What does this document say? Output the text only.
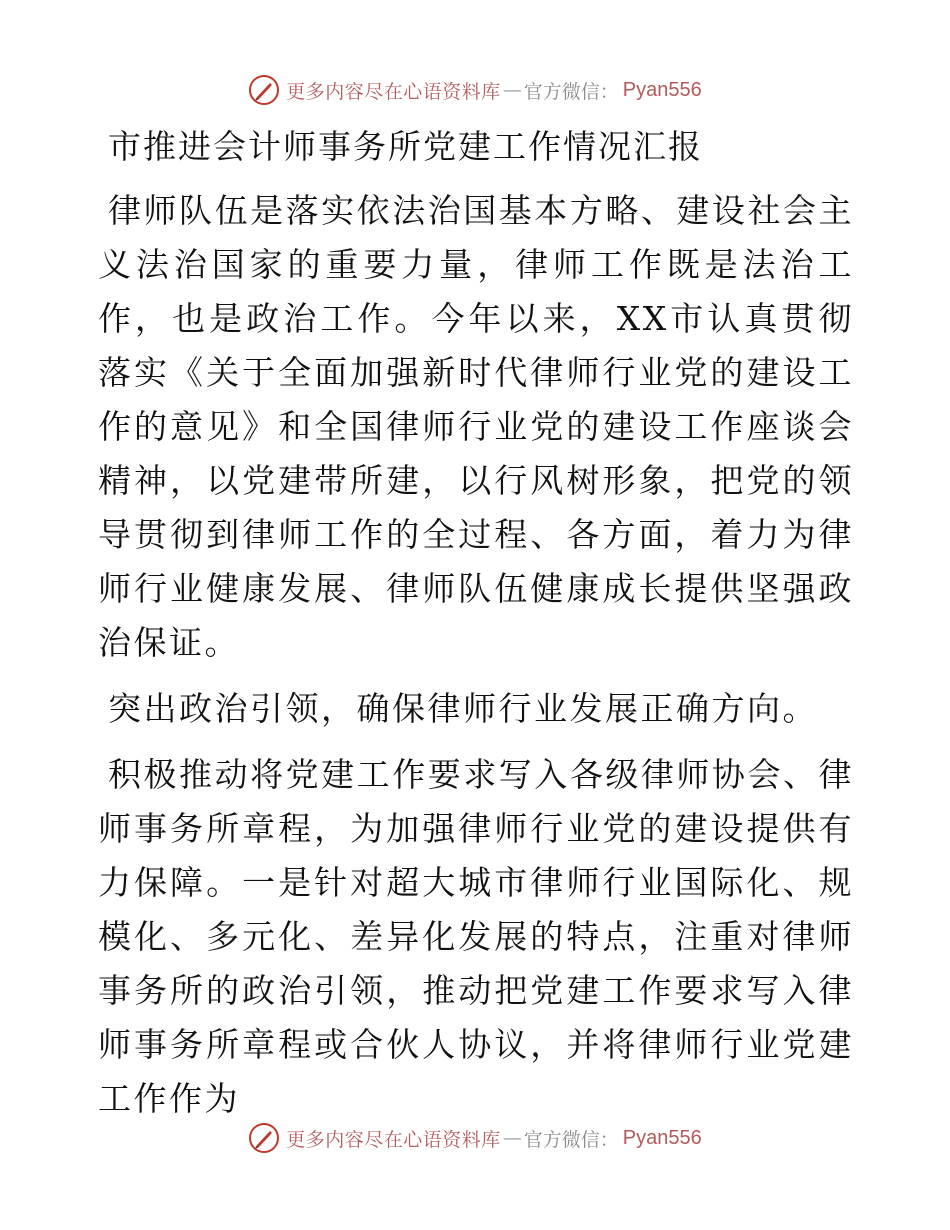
更多内容尽在心语资料库 — 官方微信： Pyan556
市推进会计师事务所党建工作情况汇报

律师队伍是落实依法治国基本方略、建设社会主义法治国家的重要力量，律师工作既是法治工作，也是政治工作。今年以来，XX市认真贯彻落实《关于全面加强新时代律师行业党的建设工作的意见》和全国律师行业党的建设工作座谈会精神，以党建带所建，以行风树形象，把党的领导贯彻到律师工作的全过程、各方面，着力为律师行业健康发展、律师队伍健康成长提供坚强政治保证。

突出政治引领，确保律师行业发展正确方向。

积极推动将党建工作要求写入各级律师协会、律师事务所章程，为加强律师行业党的建设提供有力保障。一是针对超大城市律师行业国际化、规模化、多元化、差异化发展的特点，注重对律师事务所的政治引领，推动把党建工作要求写入律师事务所章程或合伙人协议，并将律师行业党建工作作为

更多内容尽在心语资料库 — 官方微信： Pyan556
